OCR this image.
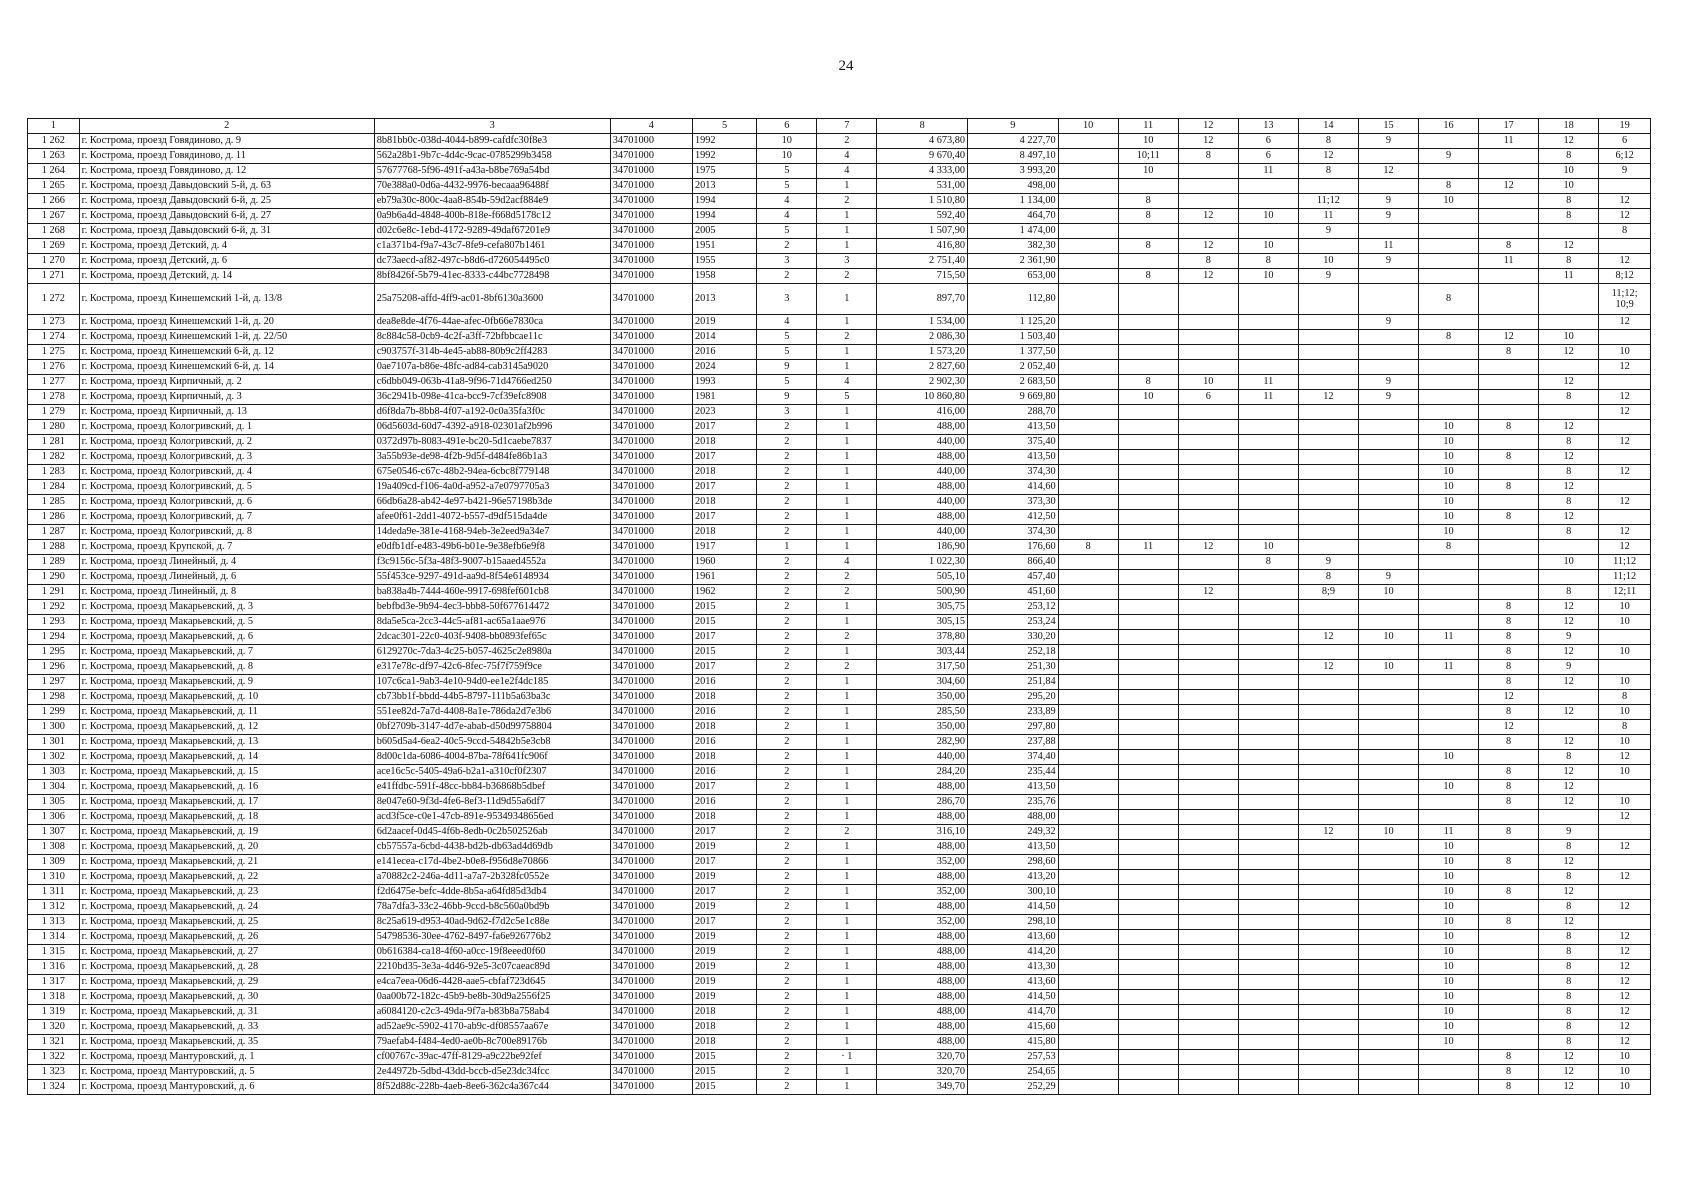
24
1	2	3	4	5	6	7	8	9	10	11	12	13	14	15	16	17	18	19
1 262	г. Кострома, проезд Говядиново, д. 9	8b81bb0c-038d-4044-b899-cafdfc30f8e3	34701000	1992	10	2	4 673,80	4 227,70		10	12	6	8	9		11	12	6
1 263	г. Кострома, проезд Говядиново, д. 11	562a28b1-9b7c-4d4c-9cac-0785299b3458	34701000	1992	10	4	9 670,40	8 497,10		10;11	8	6	12		9		8	6;12
1 264	г. Кострома, проезд Говядиново, д. 12	57677768-5f96-491f-a43a-b8be769a54bd	34701000	1975	5	4	4 333,00	3 993,20		10		11	8	12			10	9
1 265	г. Кострома, проезд Давыдовский 5-й, д. 63	70e388a0-0d6a-4432-9976-becaaa96488f	34701000	2013	5	1	531,00	498,00							8	12	10	
1 266	г. Кострома, проезд Давыдовский 6-й, д. 25	eb79a30c-800c-4aa8-854b-59d2acf884e9	34701000	1994	4	2	1 510,80	1 134,00		8			11;12	9	10		8	12
1 267	г. Кострома, проезд Давыдовский 6-й, д. 27	0a9b6a4d-4848-400b-818e-f668d5178c12	34701000	1994	4	1	592,40	464,70		8	12	10	11	9			8	12
1 268	г. Кострома, проезд Давыдовский 6-й, д. 31	d02c6e8c-1ebd-4172-9289-49daf67201e9	34701000	2005	5	1	1 507,90	1 474,00					9					8
1 269	г. Кострома, проезд Детский, д. 4	c1a371b4-f9a7-43c7-8fe9-cefa807b1461	34701000	1951	2	1	416,80	382,30		8	12	10		11		8	12	
1 270	г. Кострома, проезд Детский, д. 6	dc73aecd-af82-497c-b8d6-d726054495c0	34701000	1955	3	3	2 751,40	2 361,90			8	8	10	9		11	8	12
1 271	г. Кострома, проезд Детский, д. 14	8bf8426f-5b79-41ec-8333-c44bc7728498	34701000	1958	2	2	715,50	653,00		8	12	10	9				11	8;12
1 272	г. Кострома, проезд Кинешемский 1-й, д. 13/8	25a75208-affd-4ff9-ac01-8bf6130a3600	34701000	2013	3	1	897,70	112,80							8			11;12;
10;9
1 273	г. Кострома, проезд Кинешемский 1-й, д. 20	dea8e8de-4f76-44ae-afec-0fb66e7830ca	34701000	2019	4	1	1 534,00	1 125,20						9				12
1 274	г. Кострома, проезд Кинешемский 1-й, д. 22/50	8c884c58-0cb9-4c2f-a3ff-72bfbbcae11c	34701000	2014	5	2	2 086,30	1 503,40							8	12	10	
1 275	г. Кострома, проезд Кинешемский 6-й, д. 12	c903757f-314b-4e45-ab88-80b9c2ff4283	34701000	2016	5	1	1 573,20	1 377,50								8	12	10
1 276	г. Кострома, проезд Кинешемский 6-й, д. 14	0ae7107a-b86e-48fc-ad84-cab3145a9020	34701000	2024	9	1	2 827,60	2 052,40										12
1 277	г. Кострома, проезд Кирпичный, д. 2	c6dbb049-063b-41a8-9f96-71d4766ed250	34701000	1993	5	4	2 902,30	2 683,50		8	10	11		9			12	
1 278	г. Кострома, проезд Кирпичный, д. 3	36c2941b-098e-41ca-bcc9-7cf39efc8908	34701000	1981	9	5	10 860,80	9 669,80		10	6	11	12	9			8	12
1 279	г. Кострома, проезд Кирпичный, д. 13	d6f8da7b-8bb8-4f07-a192-0c0a35fa3f0c	34701000	2023	3	1	416,00	288,70										12
1 280	г. Кострома, проезд Кологривский, д. 1	06d5603d-60d7-4392-a918-02301af2b996	34701000	2017	2	1	488,00	413,50							10	8	12	
1 281	г. Кострома, проезд Кологривский, д. 2	0372d97b-8083-491e-bc20-5d1caebe7837	34701000	2018	2	1	440,00	375,40							10		8	12
1 282	г. Кострома, проезд Кологривский, д. 3	3a55b93e-de98-4f2b-9d5f-d484fe86b1a3	34701000	2017	2	1	488,00	413,50							10	8	12	
1 283	г. Кострома, проезд Кологривский, д. 4	675e0546-c67c-48b2-94ea-6cbc8f779148	34701000	2018	2	1	440,00	374,30							10		8	12
1 284	г. Кострома, проезд Кологривский, д. 5	19a409cd-f106-4a0d-a952-a7e0797705a3	34701000	2017	2	1	488,00	414,60							10	8	12	
1 285	г. Кострома, проезд Кологривский, д. 6	66db6a28-ab42-4e97-b421-96e57198b3de	34701000	2018	2	1	440,00	373,30							10		8	12
1 286	г. Кострома, проезд Кологривский, д. 7	afee0f61-2dd1-4072-b557-d9df515da4de	34701000	2017	2	1	488,00	412,50							10	8	12	
1 287	г. Кострома, проезд Кологривский, д. 8	14deda9e-381e-4168-94eb-3e2eed9a34e7	34701000	2018	2	1	440,00	374,30							10		8	12
1 288	г. Кострома, проезд Крупской, д. 7	e0dfb1df-e483-49b6-b01e-9e38efb6e9f8	34701000	1917	1	1	186,90	176,60	8	11	12	10			8			12
1 289	г. Кострома, проезд Линейный, д. 4	f3c9156c-5f3a-48f3-9007-b15aaed4552a	34701000	1960	2	4	1 022,30	866,40				8	9				10	11;12
1 290	г. Кострома, проезд Линейный, д. 6	55f453ce-9297-491d-aa9d-8f54e6148934	34701000	1961	2	2	505,10	457,40					8	9				11;12
1 291	г. Кострома, проезд Линейный, д. 8	ba838a4b-7444-460e-9917-698fef601cb8	34701000	1962	2	2	500,90	451,60			12		8;9	10			8	12;11
1 292	г. Кострома, проезд Макарьевский, д. 3	bebfbd3e-9b94-4ec3-bbb8-50f677614472	34701000	2015	2	1	305,75	253,12								8	12	10
1 293	г. Кострома, проезд Макарьевский, д. 5	8da5e5ca-2cc3-44c5-af81-ac65a1aae976	34701000	2015	2	1	305,15	253,24								8	12	10
1 294	г. Кострома, проезд Макарьевский, д. 6	2dcac301-22c0-403f-9408-bb0893fef65c	34701000	2017	2	2	378,80	330,20					12	10	11	8	9	
1 295	г. Кострома, проезд Макарьевский, д. 7	6129270c-7da3-4c25-b057-4625c2e8980a	34701000	2015	2	1	303,44	252,18								8	12	10
1 296	г. Кострома, проезд Макарьевский, д. 8	e317e78c-df97-42c6-8fec-75f7f759f9ce	34701000	2017	2	2	317,50	251,30					12	10	11	8	9	
1 297	г. Кострома, проезд Макарьевский, д. 9	107c6ca1-9ab3-4e10-94d0-ee1e2f4dc185	34701000	2016	2	1	304,60	251,84								8	12	10
1 298	г. Кострома, проезд Макарьевский, д. 10	cb73bb1f-bbdd-44b5-8797-111b5a63ba3c	34701000	2018	2	1	350,00	295,20								12		8
1 299	г. Кострома, проезд Макарьевский, д. 11	551ee82d-7a7d-4408-8a1e-786da2d7e3b6	34701000	2016	2	1	285,50	233,89								8	12	10
1 300	г. Кострома, проезд Макарьевский, д. 12	0bf2709b-3147-4d7e-abab-d50d99758804	34701000	2018	2	1	350,00	297,80								12		8
1 301	г. Кострома, проезд Макарьевский, д. 13	b605d5a4-6ea2-40c5-9ccd-54842b5e3cb8	34701000	2016	2	1	282,90	237,88								8	12	10
1 302	г. Кострома, проезд Макарьевский, д. 14	8d00c1da-6086-4004-87ba-78f641fc906f	34701000	2018	2	1	440,00	374,40							10		8	12
1 303	г. Кострома, проезд Макарьевский, д. 15	ace16c5c-5405-49a6-b2a1-a310cf0f2307	34701000	2016	2	1	284,20	235,44								8	12	10
1 304	г. Кострома, проезд Макарьевский, д. 16	e41ffdbc-591f-48cc-bb84-b36868b5dbef	34701000	2017	2	1	488,00	413,50							10	8	12	
1 305	г. Кострома, проезд Макарьевский, д. 17	8e047e60-9f3d-4fe6-8ef3-11d9d55a6df7	34701000	2016	2	1	286,70	235,76								8	12	10
1 306	г. Кострома, проезд Макарьевский, д. 18	acd3f5ce-c0e1-47cb-891e-95349348656ed	34701000	2018	2	1	488,00	488,00										12
1 307	г. Кострома, проезд Макарьевский, д. 19	6d2aacef-0d45-4f6b-8edb-0c2b502526ab	34701000	2017	2	2	316,10	249,32					12	10	11	8	9	
1 308	г. Кострома, проезд Макарьевский, д. 20	cb57557a-6cbd-4438-bd2b-db63ad4d69db	34701000	2019	2	1	488,00	413,50							10		8	12
1 309	г. Кострома, проезд Макарьевский, д. 21	e141ecea-c17d-4be2-b0e8-f956d8e70866	34701000	2017	2	1	352,00	298,60							10	8	12	
1 310	г. Кострома, проезд Макарьевский, д. 22	a70882c2-246a-4d11-a7a7-2b328fc0552e	34701000	2019	2	1	488,00	413,20							10		8	12
1 311	г. Кострома, проезд Макарьевский, д. 23	f2d6475e-befc-4dde-8b5a-a64fd85d3db4	34701000	2017	2	1	352,00	300,10							10	8	12	
1 312	г. Кострома, проезд Макарьевский, д. 24	78a7dfa3-33c2-46bb-9ccd-b8c560a0bd9b	34701000	2019	2	1	488,00	414,50							10		8	12
1 313	г. Кострома, проезд Макарьевский, д. 25	8c25a619-d953-40ad-9d62-f7d2c5e1c88e	34701000	2017	2	1	352,00	298,10							10	8	12	
1 314	г. Кострома, проезд Макарьевский, д. 26	54798536-30ee-4762-8497-fa6e926776b2	34701000	2019	2	1	488,00	413,60							10		8	12
1 315	г. Кострома, проезд Макарьевский, д. 27	0b616384-ca18-4f60-a0cc-19f8eeed0f60	34701000	2019	2	1	488,00	414,20							10		8	12
1 316	г. Кострома, проезд Макарьевский, д. 28	2210bd35-3e3a-4d46-92e5-3c07caeac89d	34701000	2019	2	1	488,00	413,30							10		8	12
1 317	г. Кострома, проезд Макарьевский, д. 29	e4ca7eea-06d6-4428-aae5-cbfaf723d645	34701000	2019	2	1	488,00	413,60							10		8	12
1 318	г. Кострома, проезд Макарьевский, д. 30	0aa00b72-182c-45b9-be8b-30d9a2556f25	34701000	2019	2	1	488,00	414,50							10		8	12
1 319	г. Кострома, проезд Макарьевский, д. 31	a6084120-c2c3-49da-9f7a-b83b8a758ab4	34701000	2018	2	1	488,00	414,70							10		8	12
1 320	г. Кострома, проезд Макарьевский, д. 33	ad52ae9c-5902-4170-ab9c-df08557aa67e	34701000	2018	2	1	488,00	415,60							10		8	12
1 321	г. Кострома, проезд Макарьевский, д. 35	79aefab4-f484-4ed0-ae0b-8c700e89176b	34701000	2018	2	1	488,00	415,80							10		8	12
1 322	г. Кострома, проезд Мантуровский, д. 1	cf00767c-39ac-47ff-8129-a9c22be92fef	34701000	2015	2	· 1	320,70	257,53								8	12	10
1 323	г. Кострома, проезд Мантуровский, д. 5	2e44972b-5dbd-43dd-bccb-d5e23dc34fcc	34701000	2015	2	1	320,70	254,65								8	12	10
1 324	г. Кострома, проезд Мантуровский, д. 6	8f52d88c-228b-4aeb-8ee6-362c4a367c44	34701000	2015	2	1	349,70	252,29								8	12	10
